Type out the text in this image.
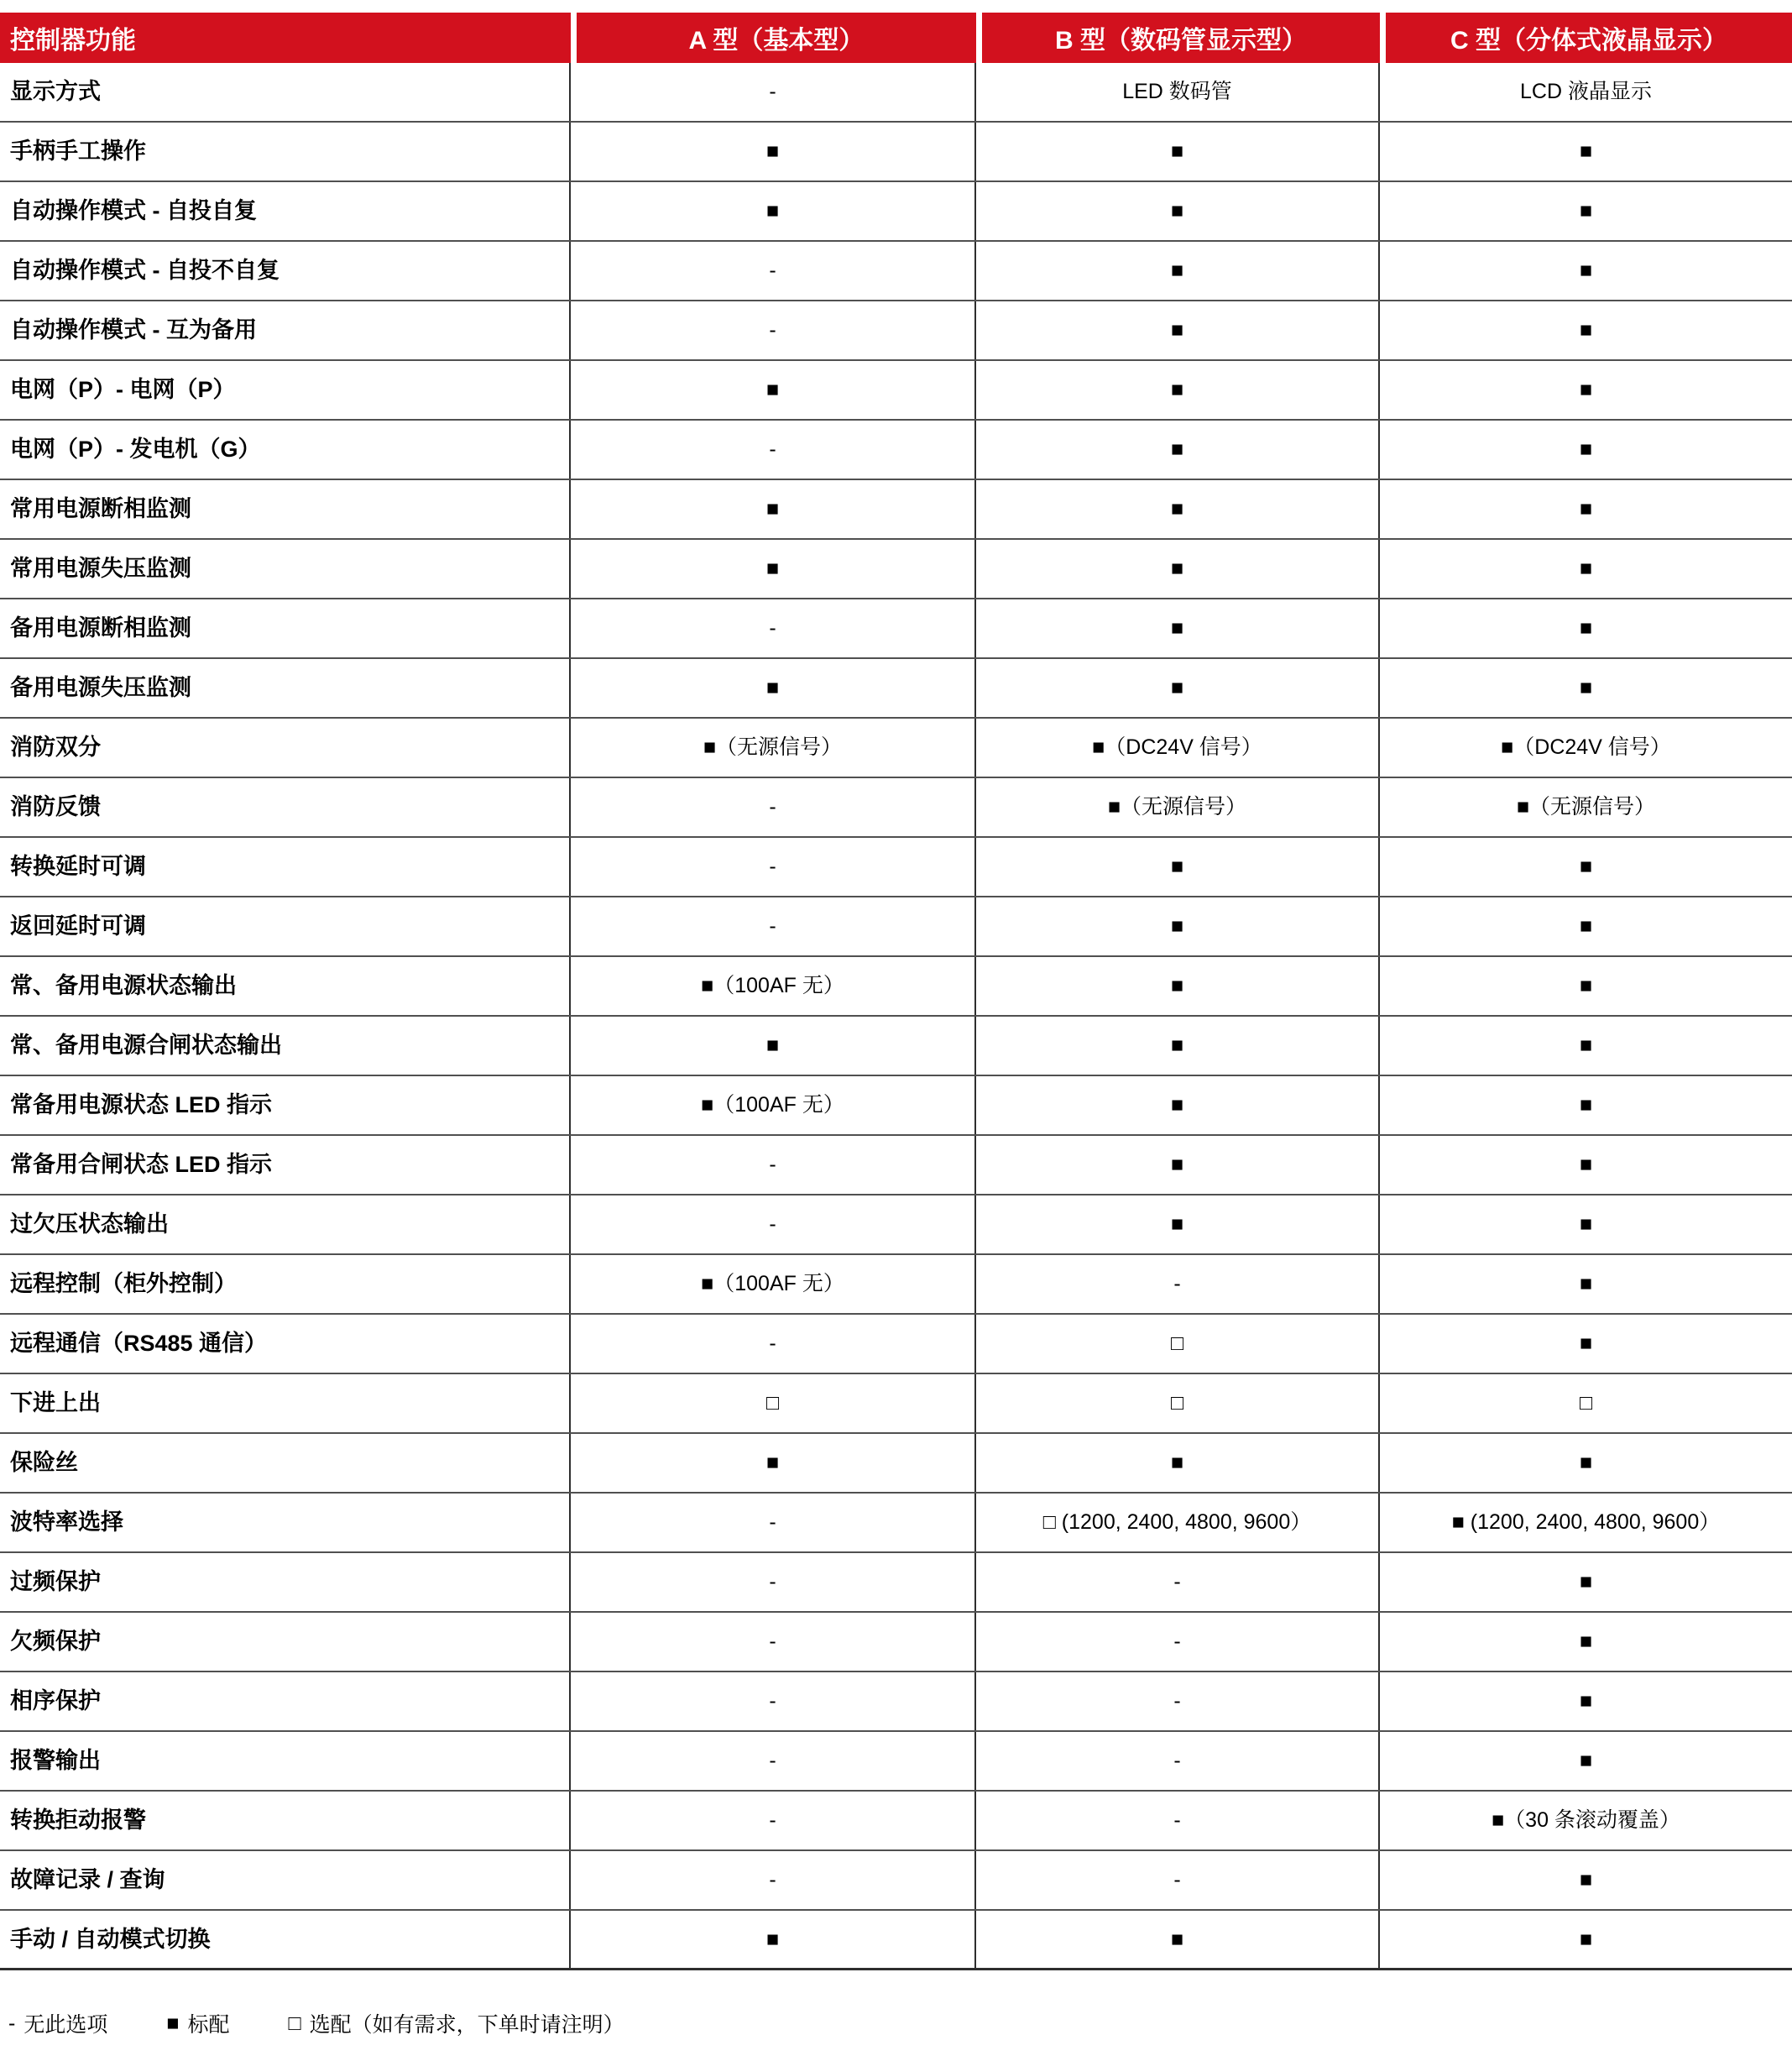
控制器功能	A 型（基本型）	B 型（数码管显示型）	C 型（分体式液晶显示）
显示方式	-	LED 数码管	LCD 液晶显示
手柄手工操作	■	■	■
自动操作模式 - 自投自复	■	■	■
自动操作模式 - 自投不自复	-	■	■
自动操作模式 - 互为备用	-	■	■
电网（P）- 电网（P）	■	■	■
电网（P）- 发电机（G）	-	■	■
常用电源断相监测	■	■	■
常用电源失压监测	■	■	■
备用电源断相监测	-	■	■
备用电源失压监测	■	■	■
消防双分	■（无源信号）	■（DC24V 信号）	■（DC24V 信号）
消防反馈	-	■（无源信号）	■（无源信号）
转换延时可调	-	■	■
返回延时可调	-	■	■
常、备用电源状态输出	■（100AF 无）	■	■
常、备用电源合闸状态输出	■	■	■
常备用电源状态 LED 指示	■（100AF 无）	■	■
常备用合闸状态 LED 指示	-	■	■
过欠压状态输出	-	■	■
远程控制（柜外控制）	■（100AF 无）	-	■
远程通信（RS485 通信）	-	□	■
下进上出	□	□	□
保险丝	■	■	■
波特率选择	-	□ (1200, 2400, 4800, 9600）	■ (1200, 2400, 4800, 9600）
过频保护	-	-	■
欠频保护	-	-	■
相序保护	-	-	■
报警输出	-	-	■
转换拒动报警	-	-	■（30 条滚动覆盖）
故障记录 / 查询	-	-	■
手动 / 自动模式切换	■	■	■
- 无此选项	■ 标配	□ 选配（如有需求，下单时请注明）
